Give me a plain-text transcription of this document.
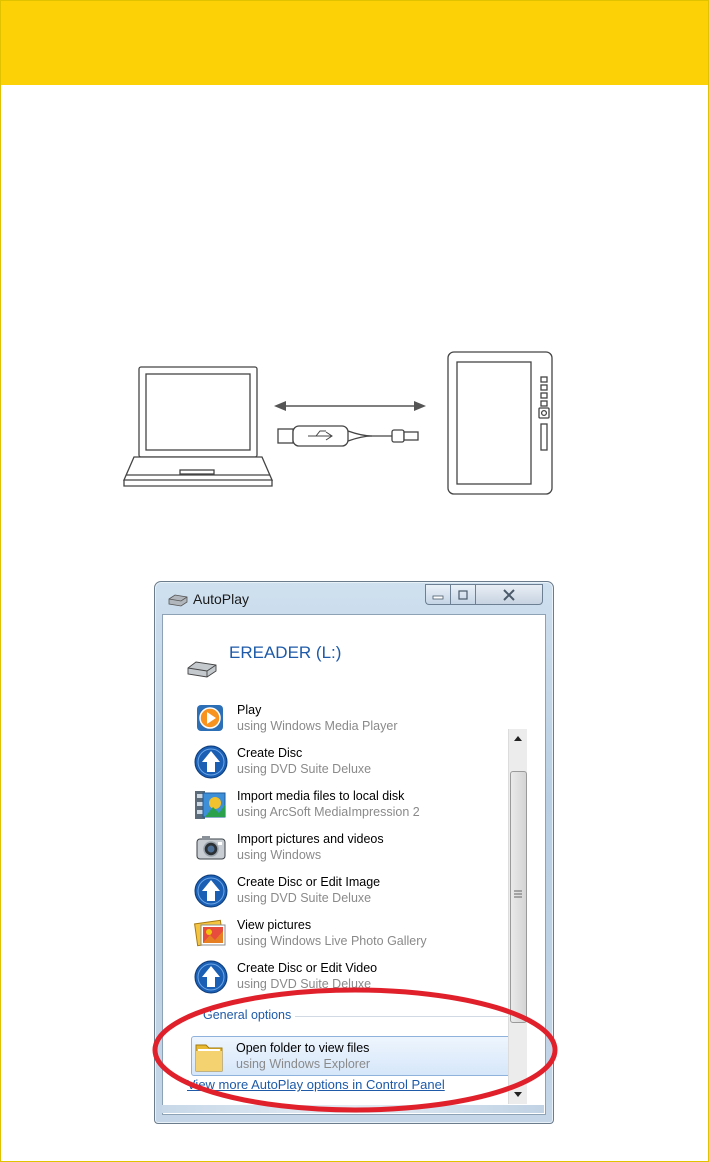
AutoPlay
EREADER (L:)
Play
using Windows Media Player
Create Disc
using DVD Suite Deluxe
Import media files to local disk
using ArcSoft MediaImpression 2
Import pictures and videos
using Windows
Create Disc or Edit Image
using DVD Suite Deluxe
View pictures
using Windows Live Photo Gallery
Create Disc or Edit Video
using DVD Suite Deluxe
General options
Open folder to view files
using Windows Explorer
View more AutoPlay options in Control Panel
